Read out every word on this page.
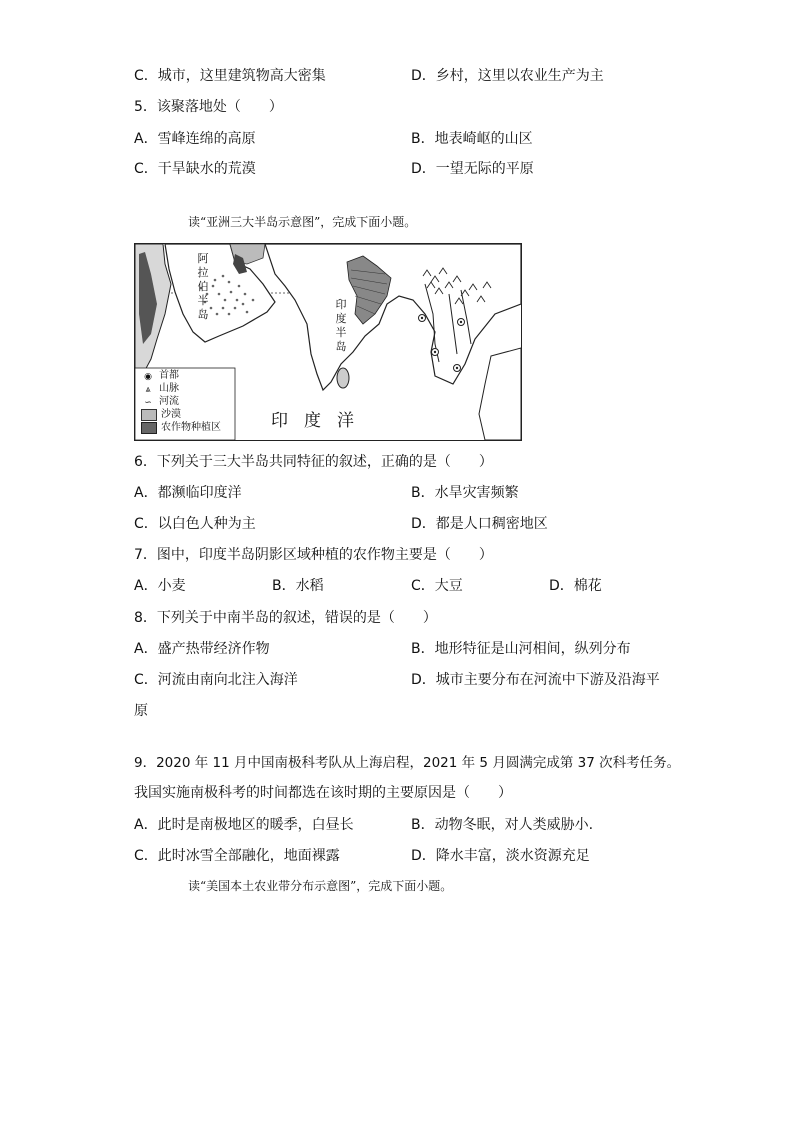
C．城市，这里建筑物高大密集	D．乡村，这里以农业生产为主
5．该聚落地处（　　）
A．雪峰连绵的高原	B．地表崎岖的山区
C．干旱缺水的荒漠	D．一望无际的平原
读“亚洲三大半岛示意图”，完成下面小题。
阿拉伯半岛
印度半岛
印度洋
◉ 首都
⩓ 山脉
∽ 河流
沙漠
农作物种植区
6．下列关于三大半岛共同特征的叙述，正确的是（　　）
A．都濒临印度洋	B．水旱灾害频繁
C．以白色人种为主	D．都是人口稠密地区
7．图中，印度半岛阴影区域种植的农作物主要是（　　）
A．小麦	B．水稻	C．大豆	D．棉花
8．下列关于中南半岛的叙述，错误的是（　　）
A．盛产热带经济作物	B．地形特征是山河相间，纵列分布
C．河流由南向北注入海洋	D．城市主要分布在河流中下游及沿海平
原
9．2020 年 11 月中国南极科考队从上海启程，2021 年 5 月圆满完成第 37 次科考任务。
我国实施南极科考的时间都选在该时期的主要原因是（　　）
A．此时是南极地区的暖季，白昼长	B．动物冬眠，对人类威胁小.
C．此时冰雪全部融化，地面裸露	D．降水丰富，淡水资源充足
读“美国本土农业带分布示意图”，完成下面小题。
